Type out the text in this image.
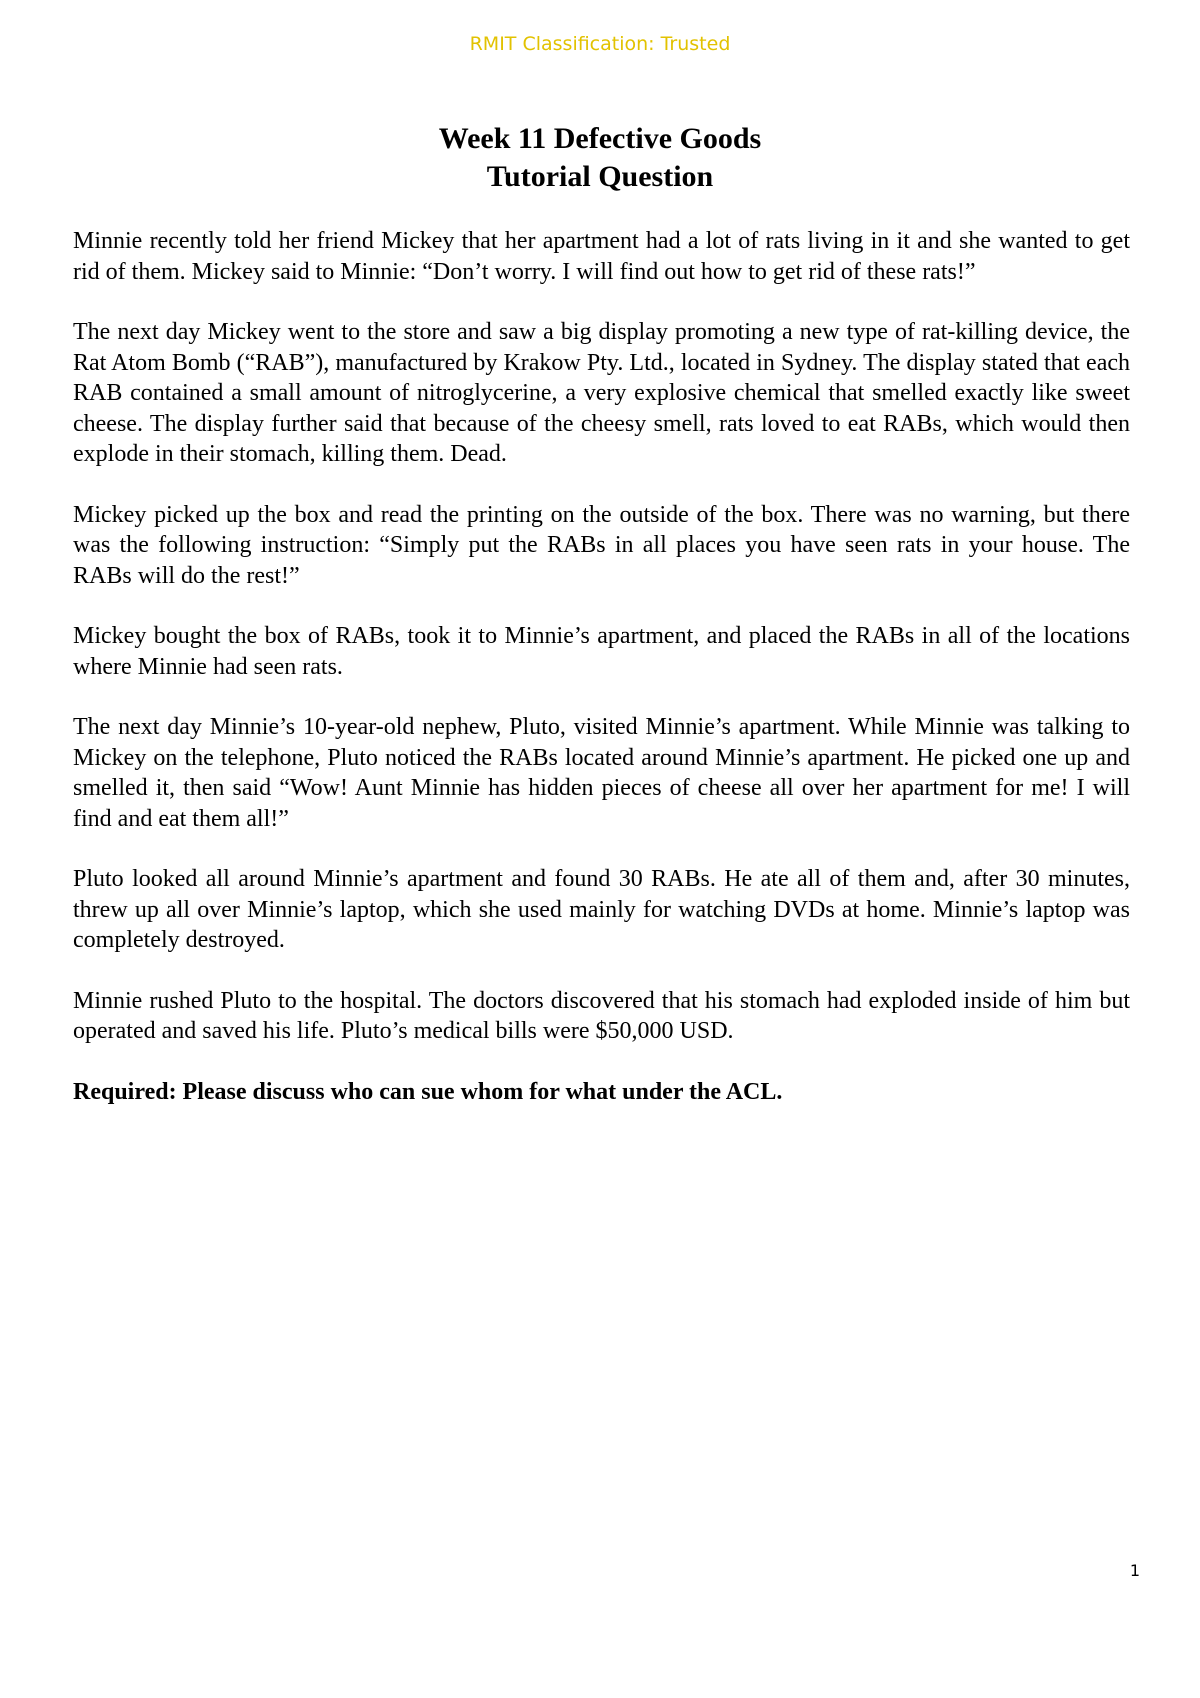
RMIT Classification: Trusted

Week 11 Defective Goods
Tutorial Question

Minnie recently told her friend Mickey that her apartment had a lot of rats living in it and she wanted to get rid of them. Mickey said to Minnie: “Don’t worry. I will find out how to get rid of these rats!”

The next day Mickey went to the store and saw a big display promoting a new type of rat-killing device, the Rat Atom Bomb (“RAB”), manufactured by Krakow Pty. Ltd., located in Sydney. The display stated that each RAB contained a small amount of nitroglycerine, a very explosive chemical that smelled exactly like sweet cheese. The display further said that because of the cheesy smell, rats loved to eat RABs, which would then explode in their stomach, killing them. Dead.

Mickey picked up the box and read the printing on the outside of the box. There was no warning, but there was the following instruction: “Simply put the RABs in all places you have seen rats in your house. The RABs will do the rest!”

Mickey bought the box of RABs, took it to Minnie’s apartment, and placed the RABs in all of the locations where Minnie had seen rats.

The next day Minnie’s 10-year-old nephew, Pluto, visited Minnie’s apartment. While Minnie was talking to Mickey on the telephone, Pluto noticed the RABs located around Minnie’s apartment. He picked one up and smelled it, then said “Wow! Aunt Minnie has hidden pieces of cheese all over her apartment for me! I will find and eat them all!”

Pluto looked all around Minnie’s apartment and found 30 RABs. He ate all of them and, after 30 minutes, threw up all over Minnie’s laptop, which she used mainly for watching DVDs at home. Minnie’s laptop was completely destroyed.

Minnie rushed Pluto to the hospital. The doctors discovered that his stomach had exploded inside of him but operated and saved his life. Pluto’s medical bills were $50,000 USD.

Required: Please discuss who can sue whom for what under the ACL.

1
